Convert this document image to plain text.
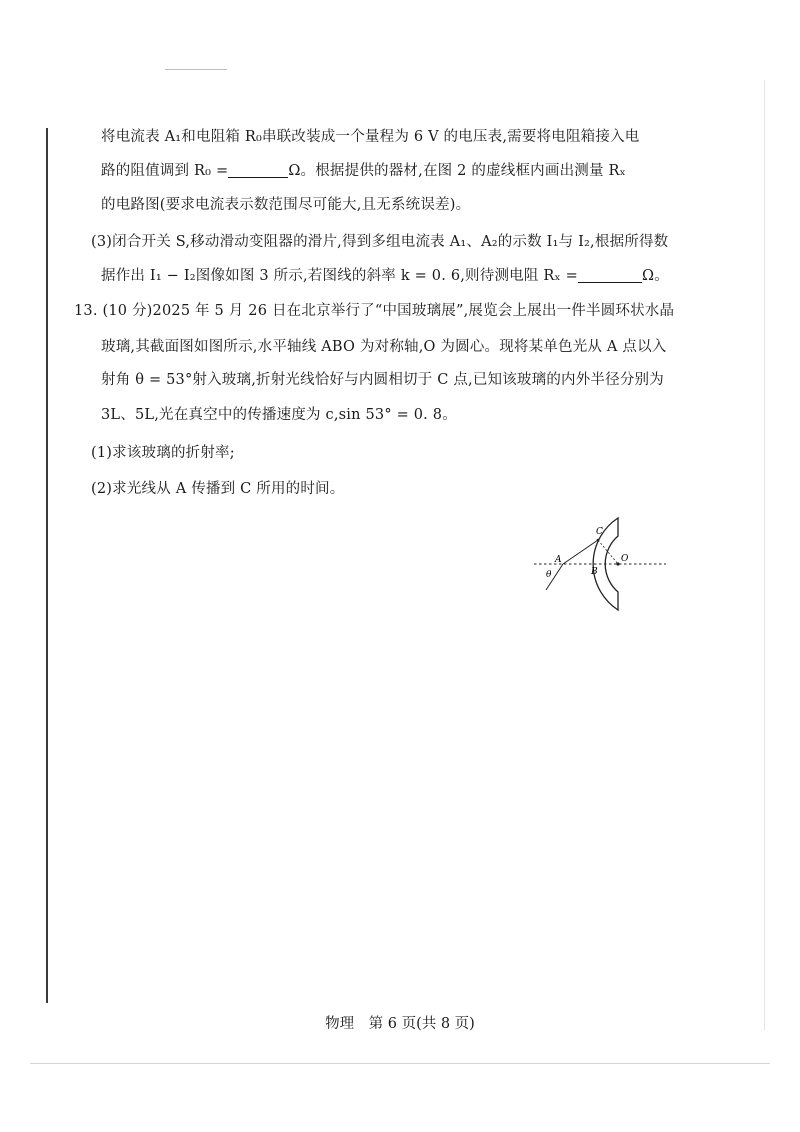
将电流表 A₁和电阻箱 R₀串联改装成一个量程为 6 V 的电压表,需要将电阻箱接入电
路的阻值调到 R₀ =	Ω。根据提供的器材,在图 2 的虚线框内画出测量 Rₓ
的电路图(要求电流表示数范围尽可能大,且无系统误差)。
(3)闭合开关 S,移动滑动变阻器的滑片,得到多组电流表 A₁、A₂的示数 I₁与 I₂,根据所得数
据作出 I₁ − I₂图像如图 3 所示,若图线的斜率 k = 0. 6,则待测电阻 Rₓ =	Ω。
13. (10 分)2025 年 5 月 26 日在北京举行了“中国玻璃展”,展览会上展出一件半圆环状水晶
玻璃,其截面图如图所示,水平轴线 ABO 为对称轴,O 为圆心。现将某单色光从 A 点以入
射角 θ = 53°射入玻璃,折射光线恰好与内圆相切于 C 点,已知该玻璃的内外半径分别为
3L、5L,光在真空中的传播速度为 c,sin 53° = 0. 8。
(1)求该玻璃的折射率;
(2)求光线从 A 传播到 C 所用的时间。
A
B
C
O
θ
物理　第 6 页(共 8 页)
